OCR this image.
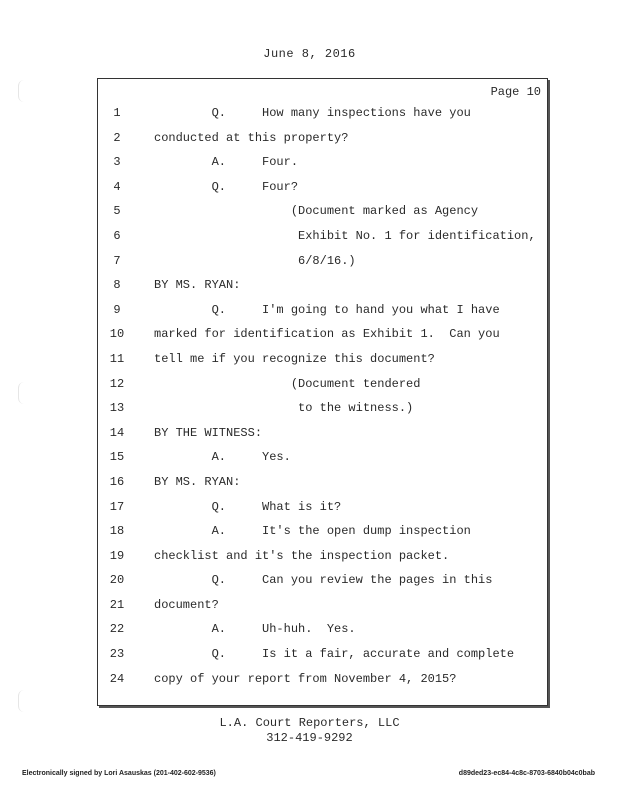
June 8, 2016
Page 10
1	Q.     How many inspections have you
2	conducted at this property?
3	A.     Four.
4	Q.     Four?
5	(Document marked as Agency
6	Exhibit No. 1 for identification,
7	6/8/16.)
8	BY MS. RYAN:
9	Q.     I'm going to hand you what I have
10	marked for identification as Exhibit 1.  Can you
11	tell me if you recognize this document?
12	(Document tendered
13	to the witness.)
14	BY THE WITNESS:
15	A.     Yes.
16	BY MS. RYAN:
17	Q.     What is it?
18	A.     It's the open dump inspection
19	checklist and it's the inspection packet.
20	Q.     Can you review the pages in this
21	document?
22	A.     Uh-huh.  Yes.
23	Q.     Is it a fair, accurate and complete
24	copy of your report from November 4, 2015?
L.A. Court Reporters, LLC
312-419-9292
Electronically signed by Lori Asauskas (201-402-602-9536)	d89ded23-ec84-4c8c-8703-6840b04c0bab
